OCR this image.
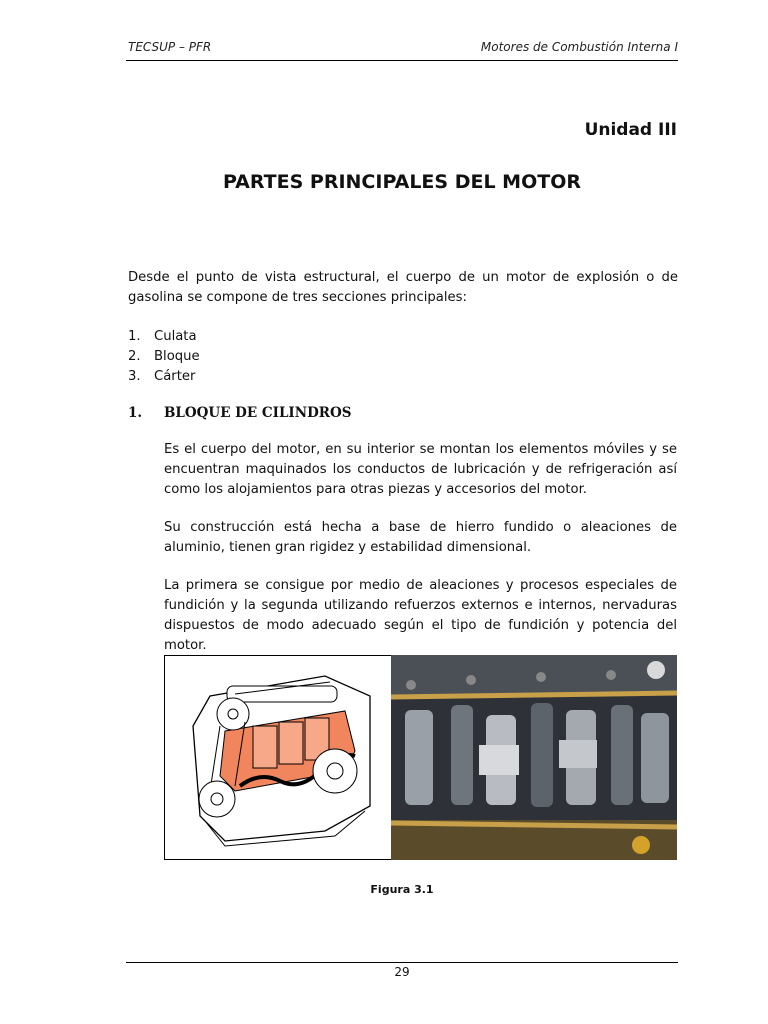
TECSUP – PFR	Motores de Combustión Interna I
Unidad III
PARTES PRINCIPALES DEL MOTOR
Desde el punto de vista estructural, el cuerpo de un motor de explosión o de gasolina se compone de tres secciones principales:
1.	Culata
2.	Bloque
3.	Cárter
1.	BLOQUE DE CILINDROS
Es el cuerpo del motor, en su interior se montan los elementos móviles y se encuentran maquinados los conductos de lubricación y de refrigeración así como los alojamientos para otras piezas y accesorios del motor.
Su construcción está hecha a base de hierro fundido o aleaciones de aluminio, tienen gran rigidez y estabilidad dimensional.
La primera se consigue por medio de aleaciones y procesos especiales de fundición y la segunda utilizando refuerzos externos e internos, nervaduras dispuestos de modo adecuado según el tipo de fundición y potencia del motor.
Figura 3.1
29
